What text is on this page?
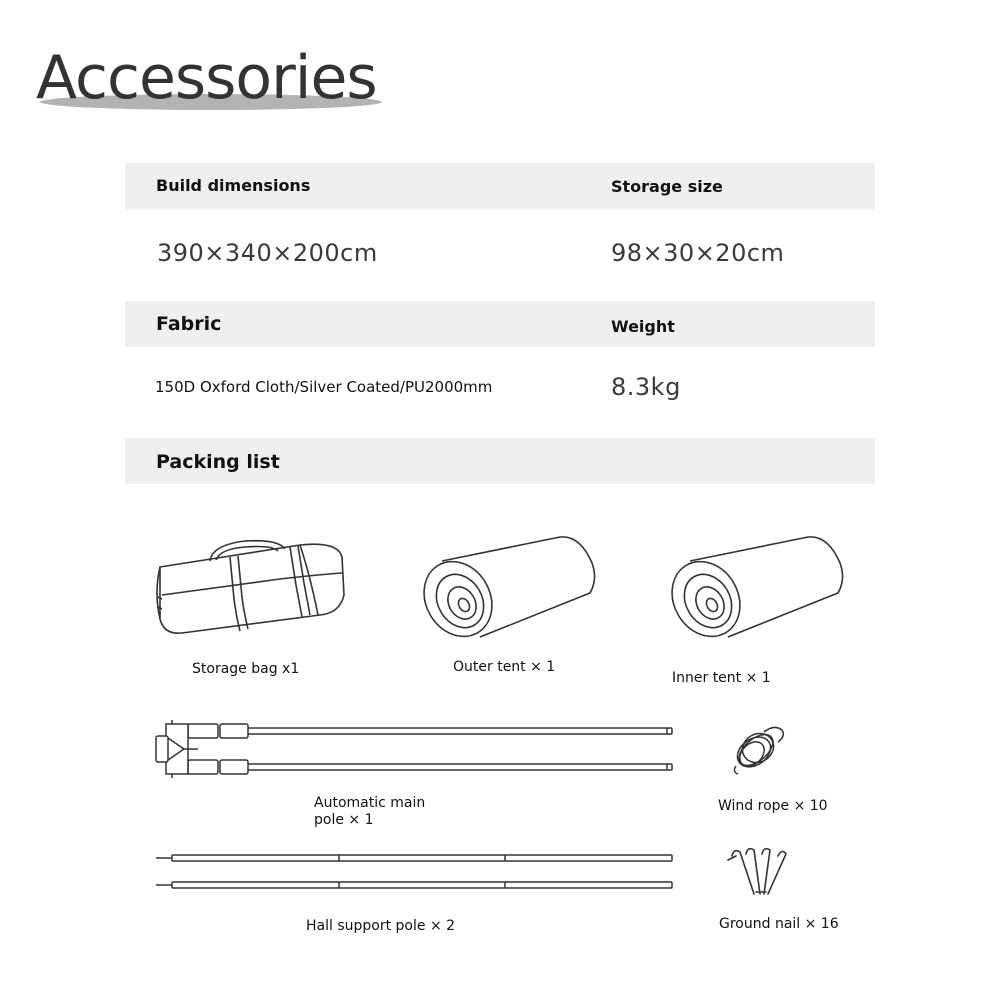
Accessories
Build dimensions	Storage size
390×340×200cm	98×30×20cm
Fabric	Weight
150D Oxford Cloth/Silver Coated/PU2000mm	8.3kg
Packing list
Storage bag x1	Outer tent × 1
Inner tent × 1
Automatic main
pole × 1
Wind rope × 10
Hall support pole × 2	Ground nail × 16
